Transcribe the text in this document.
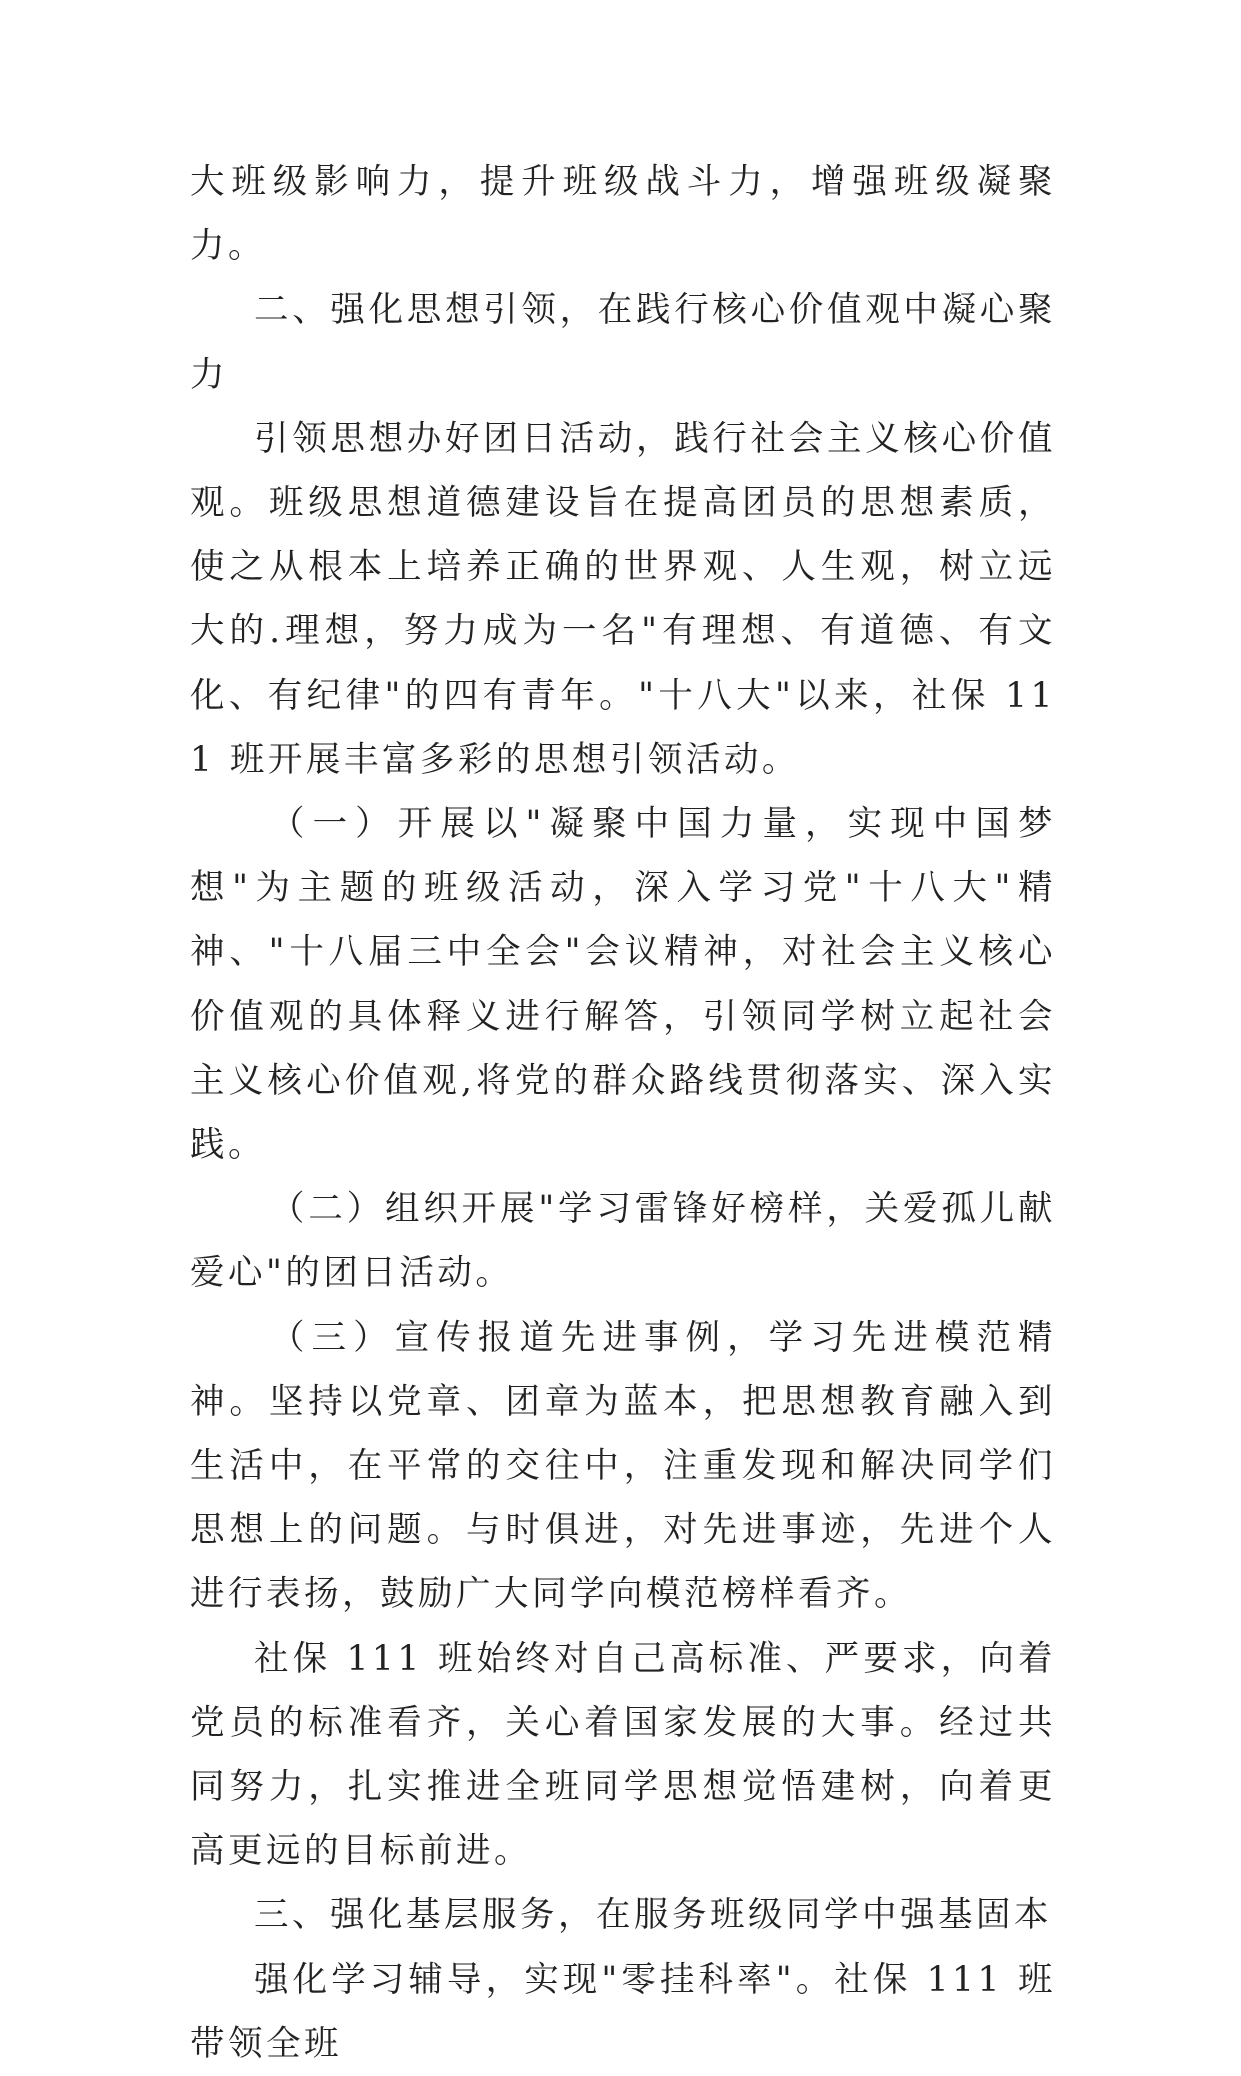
大班级影响力，提升班级战斗力，增强班级凝聚力。

二、强化思想引领，在践行核心价值观中凝心聚力

引领思想办好团日活动，践行社会主义核心价值观。班级思想道德建设旨在提高团员的思想素质，使之从根本上培养正确的世界观、人生观，树立远大的.理想，努力成为一名"有理想、有道德、有文化、有纪律"的四有青年。"十八大"以来，社保 111 班开展丰富多彩的思想引领活动。

（一）开展以"凝聚中国力量，实现中国梦想"为主题的班级活动，深入学习党"十八大"精神、"十八届三中全会"会议精神，对社会主义核心价值观的具体释义进行解答，引领同学树立起社会主义核心价值观,将党的群众路线贯彻落实、深入实践。

（二）组织开展"学习雷锋好榜样，关爱孤儿献爱心"的团日活动。

（三）宣传报道先进事例，学习先进模范精神。坚持以党章、团章为蓝本，把思想教育融入到生活中，在平常的交往中，注重发现和解决同学们思想上的问题。与时俱进，对先进事迹，先进个人进行表扬，鼓励广大同学向模范榜样看齐。

社保 111 班始终对自己高标准、严要求，向着党员的标准看齐，关心着国家发展的大事。经过共同努力，扎实推进全班同学思想觉悟建树，向着更高更远的目标前进。

三、强化基层服务，在服务班级同学中强基固本

强化学习辅导，实现"零挂科率"。社保 111 班带领全班
